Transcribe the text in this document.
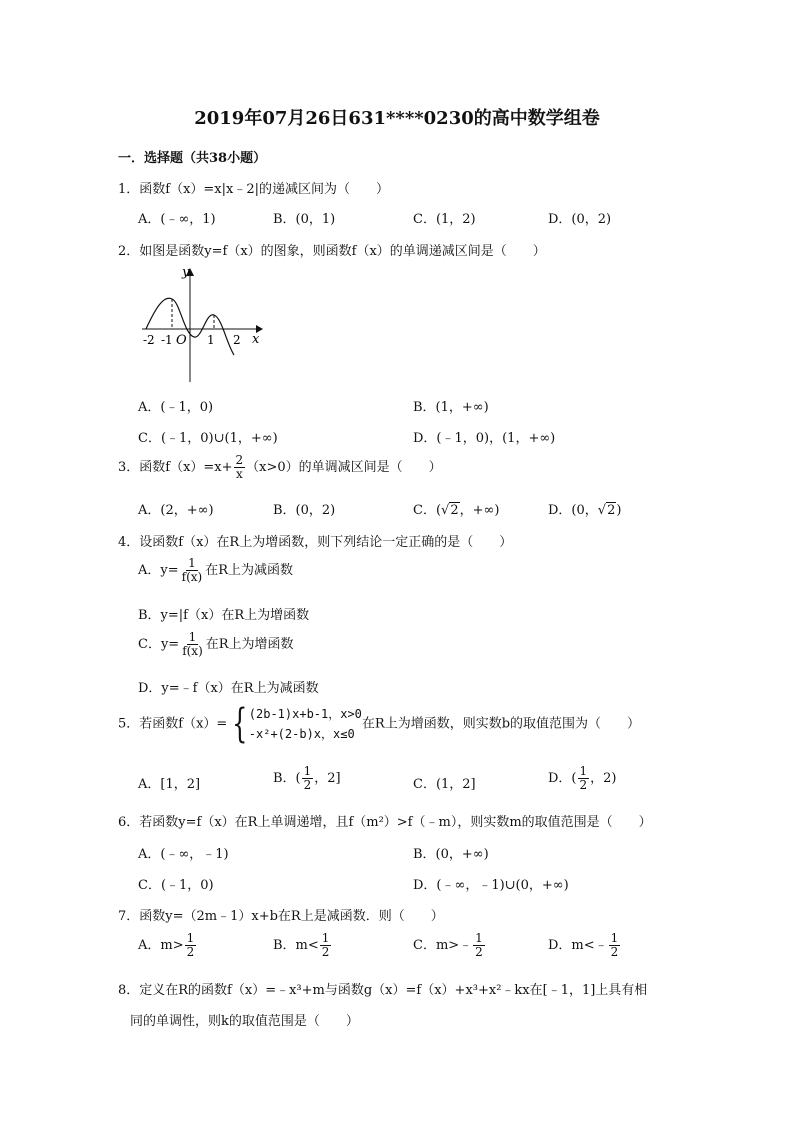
2019年07月26日631****0230的高中数学组卷
一．选择题（共38小题）
1．函数f（x）=x|x﹣2|的递减区间为（　　）
A．(﹣∞，1)	B．(0，1)	C．(1，2)	D．(0，2)
2．如图是函数y=f（x）的图象，则函数f（x）的单调递减区间是（　　）
y
x
O
-2 -1	1 2
A．(﹣1，0)	B．(1，+∞)
C．(﹣1，0)∪(1，+∞)	D．(﹣1，0)，(1，+∞)
3．函数$f(x)=x+ \frac{2}{x} (x>0)$的单调减区间是（　　）
A．(2，+∞)	B．(0，2)	C．(√2，+∞)	D．(0，√2)
4．设函数f（x）在R上为增函数，则下列结论一定正确的是（　　）
A．$y= \frac{1}{f(x)}$ 在R上为减函数
B．y=|f（x）在R上为增函数
C．$y= \frac{1}{f(x)}$ 在R上为增函数
D．y=﹣f（x）在R上为减函数
5．若函数f（x）= { (2b-1)x+b-1，x>0
-x²+(2-b)x，x≤0
在R上为增函数，则实数b的取值范围为（　　）
A．[1，2]	B．( $\frac{1}{2}$ ，2]	C．(1，2]	D．( $\frac{1}{2}$ ，2)
6．若函数y=f（x）在R上单调递增，且f（m²）>f（﹣m），则实数m的取值范围是（　　）
A．(﹣∞，﹣1)	B．(0，+∞)
C．(﹣1，0)	D．(﹣∞，﹣1)∪(0，+∞)
7．函数y=（2m﹣1）x+b在R上是减函数．则（　　）
A．$m> \frac{1}{2}$	B．$m< \frac{1}{2}$	C．m>﹣ $\frac{1}{2}$	D．m<﹣ $\frac{1}{2}$
8．定义在R的函数f（x）=﹣x³+m与函数g（x）=f（x）+x³+x²﹣kx在[﹣1，1]上具有相
同的单调性，则k的取值范围是（　　）
